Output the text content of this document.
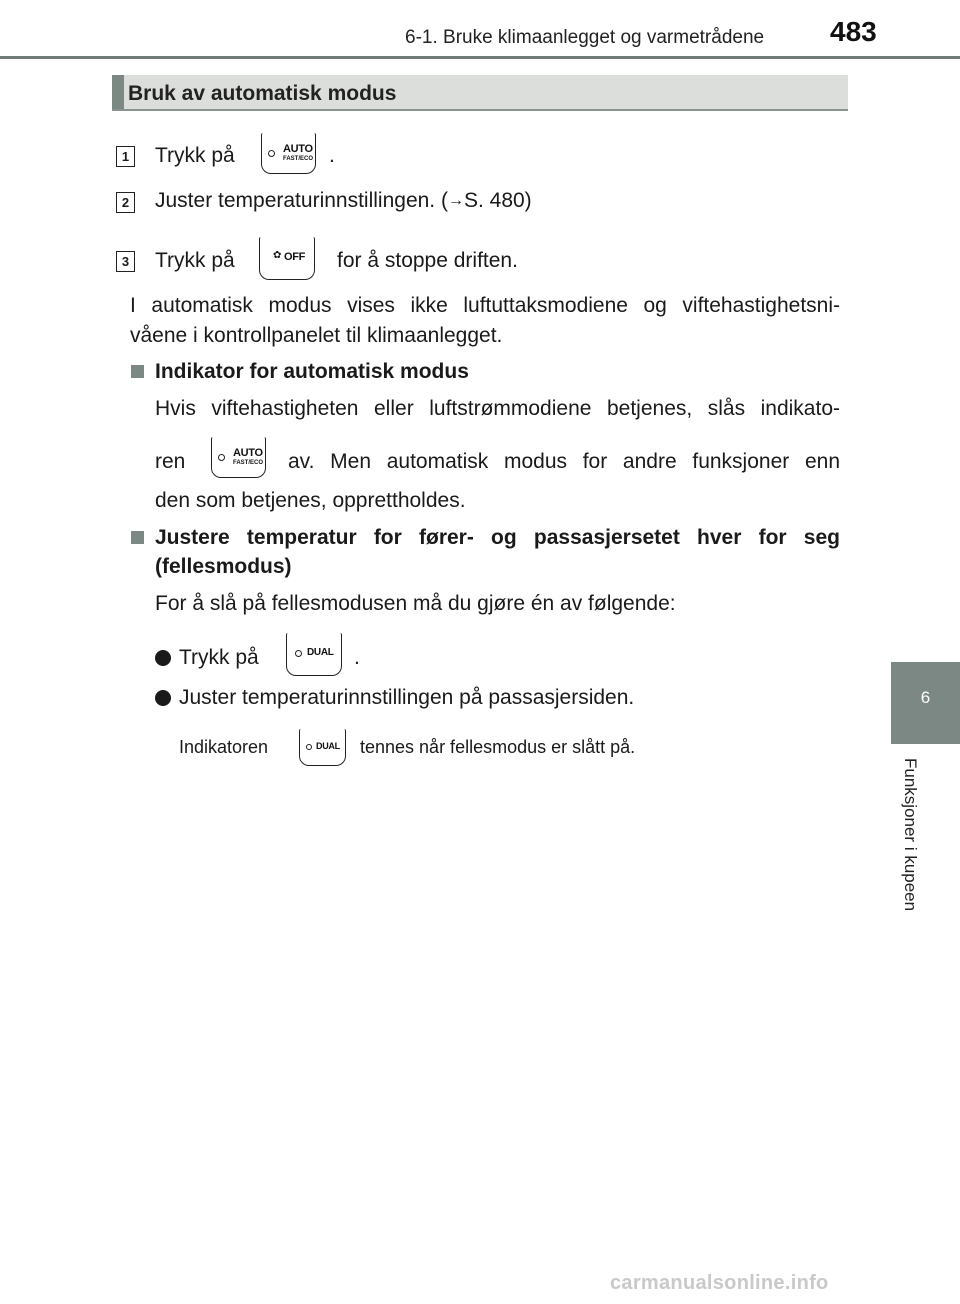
6-1. Bruke klimaanlegget og varmetrådene 483
6
Funksjoner i kupeen
Bruk av automatisk modus
1 Trykk på	AUTO
FAST/ECO .
2 Juster temperaturinnstillingen. (→S. 480)
3 Trykk på	✿ OFF for å stoppe driften.
I automatisk modus vises ikke luftuttaksmodiene og viftehastighetsni-
våene i kontrollpanelet til klimaanlegget.
Indikator for automatisk modus
Hvis viftehastigheten eller luftstrømmodiene betjenes, slås indikato-
ren	AUTO
FAST/ECO av. Men automatisk modus for andre funksjoner enn
den som betjenes, opprettholdes.
Justere temperatur for fører- og passasjersetet hver for seg
(fellesmodus)
For å slå på fellesmodusen må du gjøre én av følgende:
Trykk på	DUAL .
Juster temperaturinnstillingen på passasjersiden.
Indikatoren	DUAL tennes når fellesmodus er slått på.
carmanualsonline.info
